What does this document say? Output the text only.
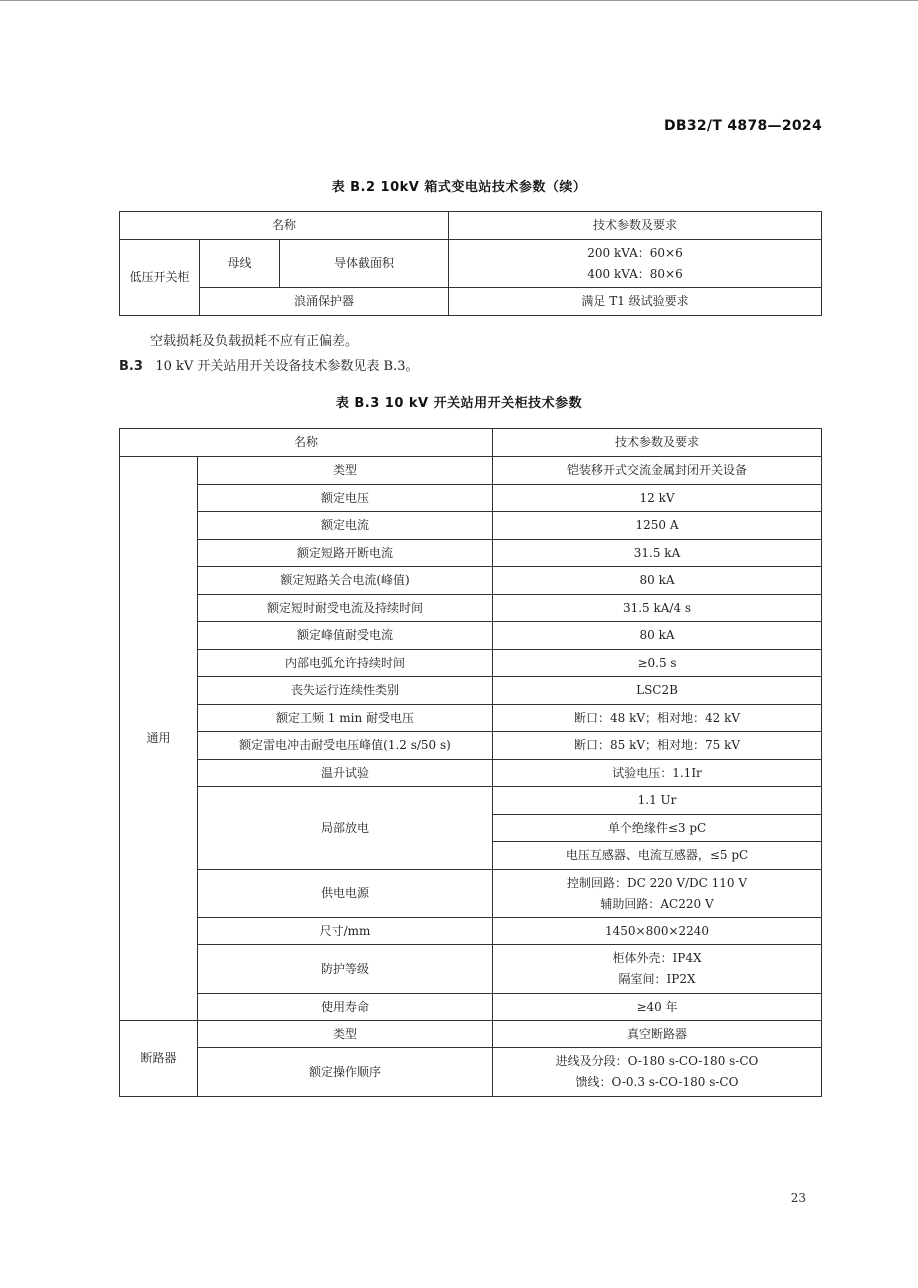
DB32/T 4878—2024
表 B.2 10kV 箱式变电站技术参数（续）
名称			技术参数及要求
低压开关柜	母线	导体截面积	200 kVA：60×6
400 kVA：80×6

	浪涌保护器		满足 T1 级试验要求
空载损耗及负载损耗不应有正偏差。
B.3 10 kV 开关站用开关设备技术参数见表 B.3。
表 B.3 10 kV 开关站用开关柜技术参数
名称		技术参数及要求
通用	类型	铠装移开式交流金属封闭开关设备
	额定电压	12 kV
	额定电流	1250 A
	额定短路开断电流	31.5 kA
	额定短路关合电流(峰值)	80 kA
	额定短时耐受电流及持续时间	31.5 kA/4 s
	额定峰值耐受电流	80 kA
	内部电弧允许持续时间	≥0.5 s
	丧失运行连续性类别	LSC2B
	额定工频 1 min 耐受电压	断口：48 kV；相对地：42 kV
	额定雷电冲击耐受电压峰值(1.2 s/50 s)	断口：85 kV；相对地：75 kV
	温升试验	试验电压：1.1Ir
	局部放电	1.1 Ur
		单个绝缘件≤3 pC
		电压互感器、电流互感器，≤5 pC
	供电电源	控制回路：DC 220 V/DC 110 V
辅助回路：AC220 V

	尺寸/mm	1450×800×2240
	防护等级	柜体外壳：IP4X
隔室间：IP2X

	使用寿命	≥40 年
断路器	类型	真空断路器
	额定操作顺序	进线及分段：O-180 s-CO-180 s-CO
馈线：O-0.3 s-CO-180 s-CO
23
